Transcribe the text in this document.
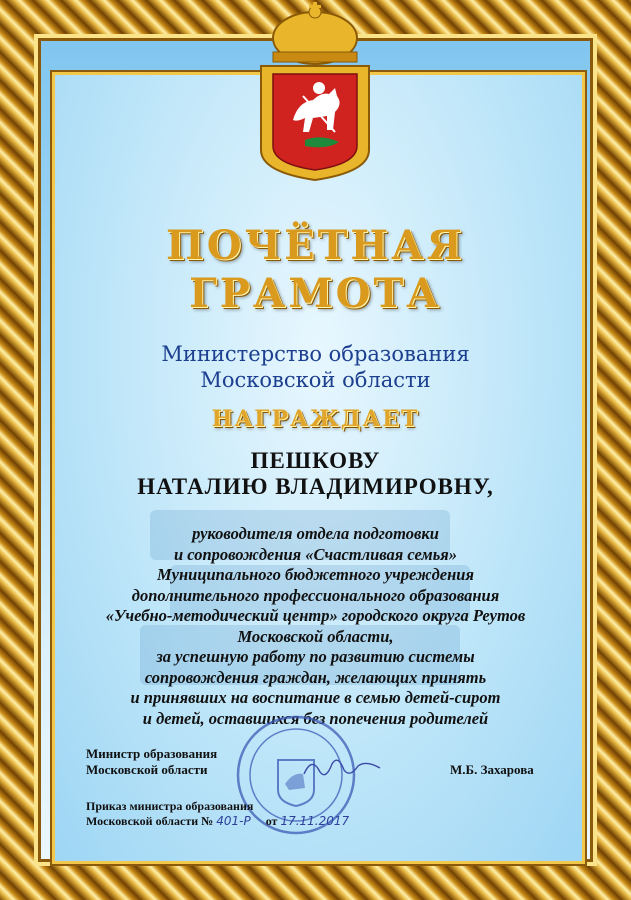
ПОЧЁТНАЯ
ГРАМОТА
Министерство образования
Московской области
НАГРАЖДАЕТ
ПЕШКОВУ
НАТАЛИЮ ВЛАДИМИРОВНУ,
руководителя отдела подготовки
и сопровождения «Счастливая семья»
Муниципального бюджетного учреждения
дополнительного профессионального образования
«Учебно-методический центр» городского округа Реутов
Московской области,
за успешную работу по развитию системы
сопровождения граждан, желающих принять
и принявших на воспитание в семью детей-сирот
и детей, оставшихся без попечения родителей
Министр образования
Московской области	М.Б. Захарова
Приказ министра образования
Московской области № 401-Р от 17.11.2017
